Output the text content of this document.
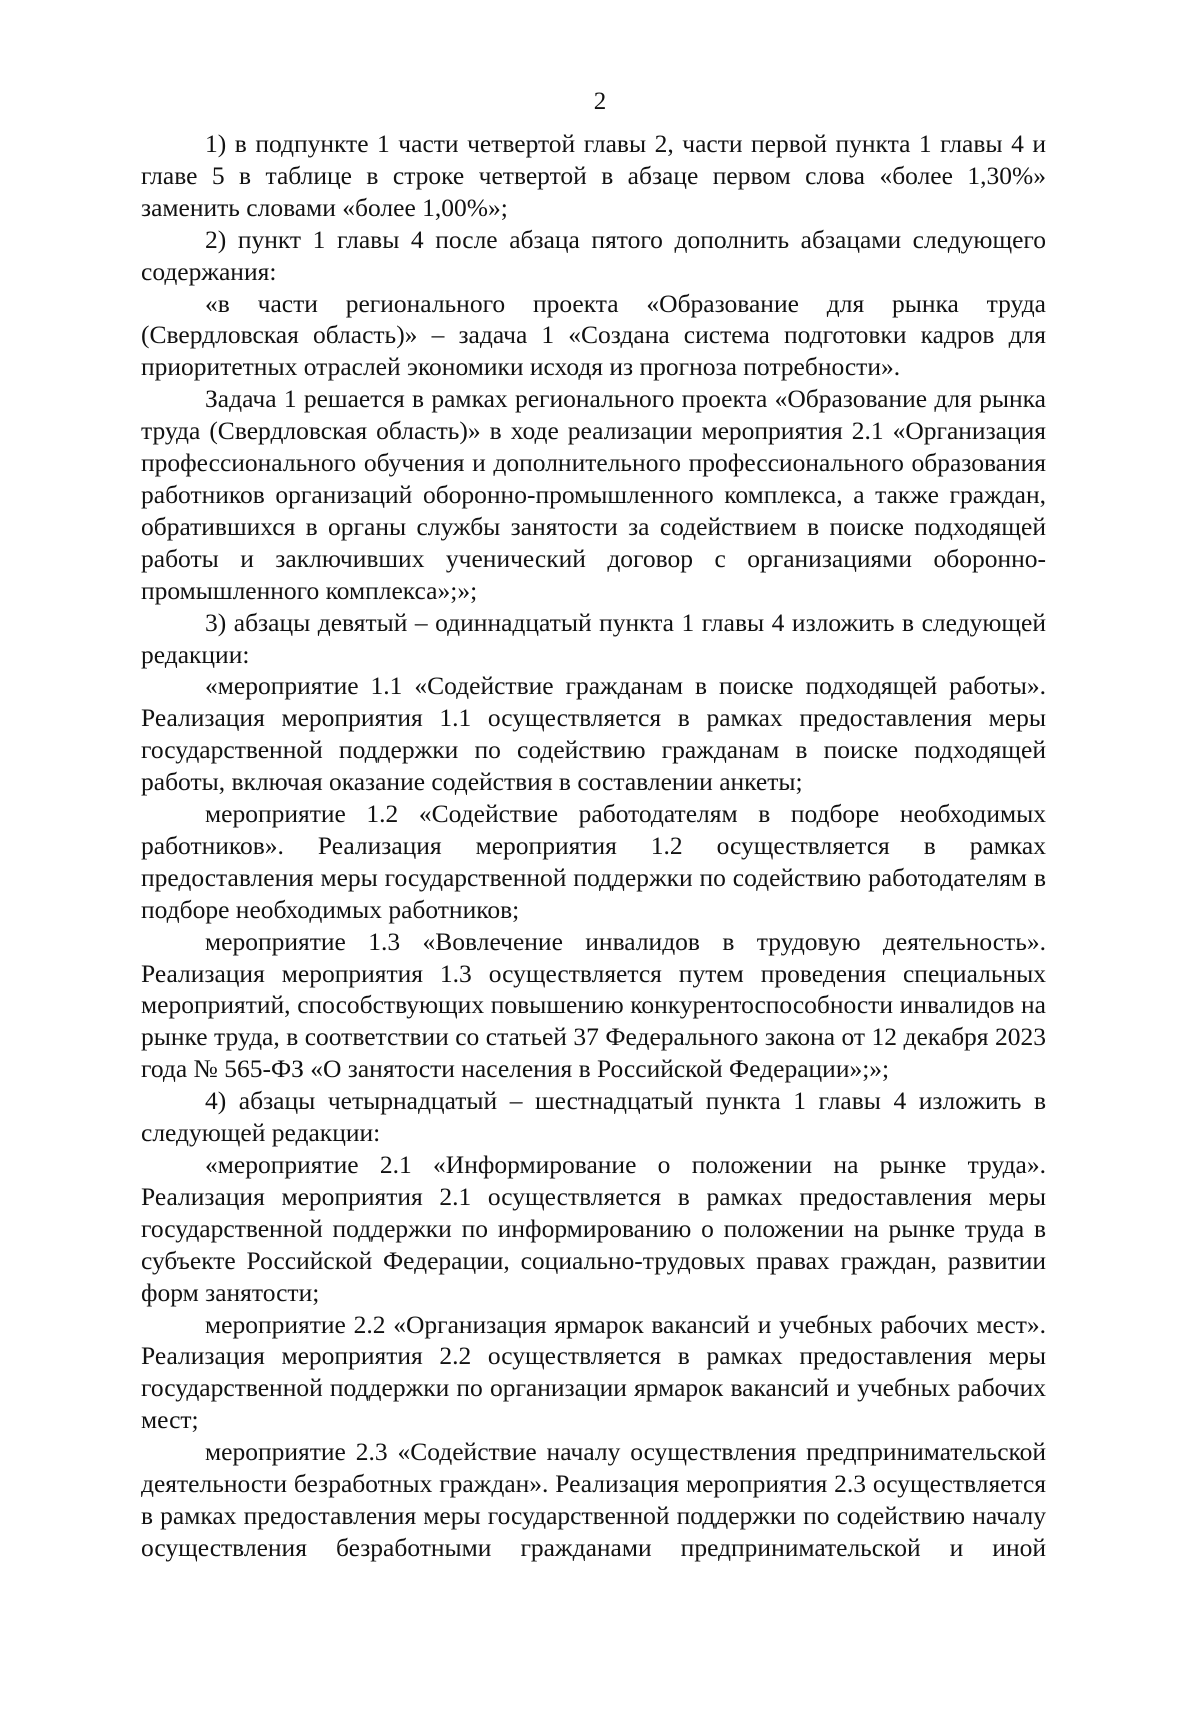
2

1) в подпункте 1 части четвертой главы 2, части первой пункта 1 главы 4 и главе 5 в таблице в строке четвертой в абзаце первом слова «более 1,30%» заменить словами «более 1,00%»;

2) пункт 1 главы 4 после абзаца пятого дополнить абзацами следующего содержания:

«в части регионального проекта «Образование для рынка труда (Свердловская область)» – задача 1 «Создана система подготовки кадров для приоритетных отраслей экономики исходя из прогноза потребности».

Задача 1 решается в рамках регионального проекта «Образование для рынка труда (Свердловская область)» в ходе реализации мероприятия 2.1 «Организация профессионального обучения и дополнительного профессионального образования работников организаций оборонно-промышленного комплекса, а также граждан, обратившихся в органы службы занятости за содействием в поиске подходящей работы и заключивших ученический договор с организациями оборонно-промышленного комплекса»;»;

3) абзацы девятый – одиннадцатый пункта 1 главы 4 изложить в следующей редакции:

«мероприятие 1.1 «Содействие гражданам в поиске подходящей работы». Реализация мероприятия 1.1 осуществляется в рамках предоставления меры государственной поддержки по содействию гражданам в поиске подходящей работы, включая оказание содействия в составлении анкеты;

мероприятие 1.2 «Содействие работодателям в подборе необходимых работников». Реализация мероприятия 1.2 осуществляется в рамках предоставления меры государственной поддержки по содействию работодателям в подборе необходимых работников;

мероприятие 1.3 «Вовлечение инвалидов в трудовую деятельность». Реализация мероприятия 1.3 осуществляется путем проведения специальных мероприятий, способствующих повышению конкурентоспособности инвалидов на рынке труда, в соответствии со статьей 37 Федерального закона от 12 декабря 2023 года № 565-ФЗ «О занятости населения в Российской Федерации»;»;

4) абзацы четырнадцатый – шестнадцатый пункта 1 главы 4 изложить в следующей редакции:

«мероприятие 2.1 «Информирование о положении на рынке труда». Реализация мероприятия 2.1 осуществляется в рамках предоставления меры государственной поддержки по информированию о положении на рынке труда в субъекте Российской Федерации, социально-трудовых правах граждан, развитии форм занятости;

мероприятие 2.2 «Организация ярмарок вакансий и учебных рабочих мест». Реализация мероприятия 2.2 осуществляется в рамках предоставления меры государственной поддержки по организации ярмарок вакансий и учебных рабочих мест;

мероприятие 2.3 «Содействие началу осуществления предпринимательской деятельности безработных граждан». Реализация мероприятия 2.3 осуществляется в рамках предоставления меры государственной поддержки по содействию началу осуществления безработными гражданами предпринимательской и иной
